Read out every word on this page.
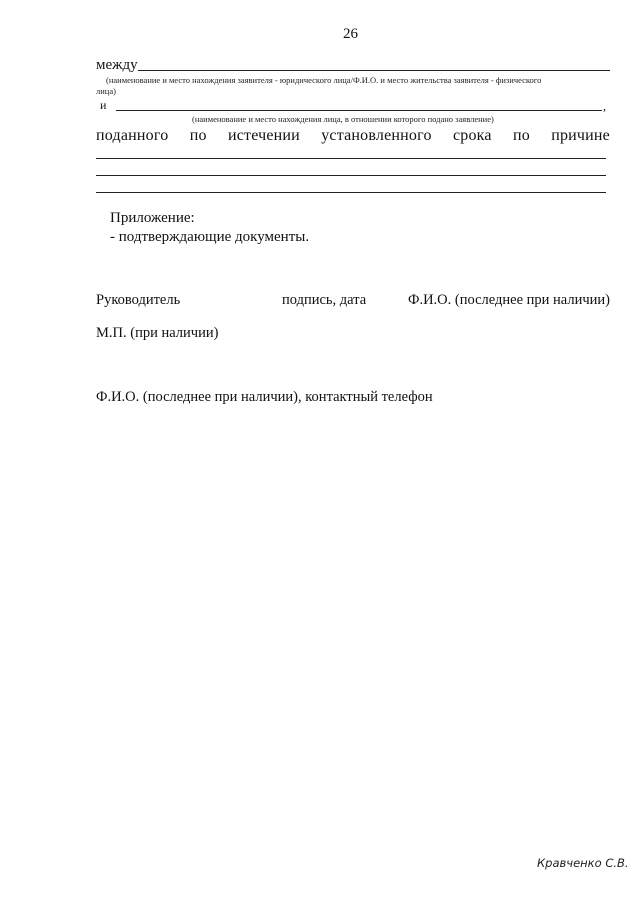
26
между
(наименование и место нахождения заявителя - юридического лица/Ф.И.О. и место жительства заявителя - физического
лица)
и	,
(наименование и место нахождения лица, в отношении которого подано заявление)
поданного по истечении установленного срока по причине
Приложение:
- подтверждающие документы.
Руководитель	подпись, дата	Ф.И.О. (последнее при наличии)
М.П. (при наличии)
Ф.И.О. (последнее при наличии), контактный телефон
Кравченко С.В.
